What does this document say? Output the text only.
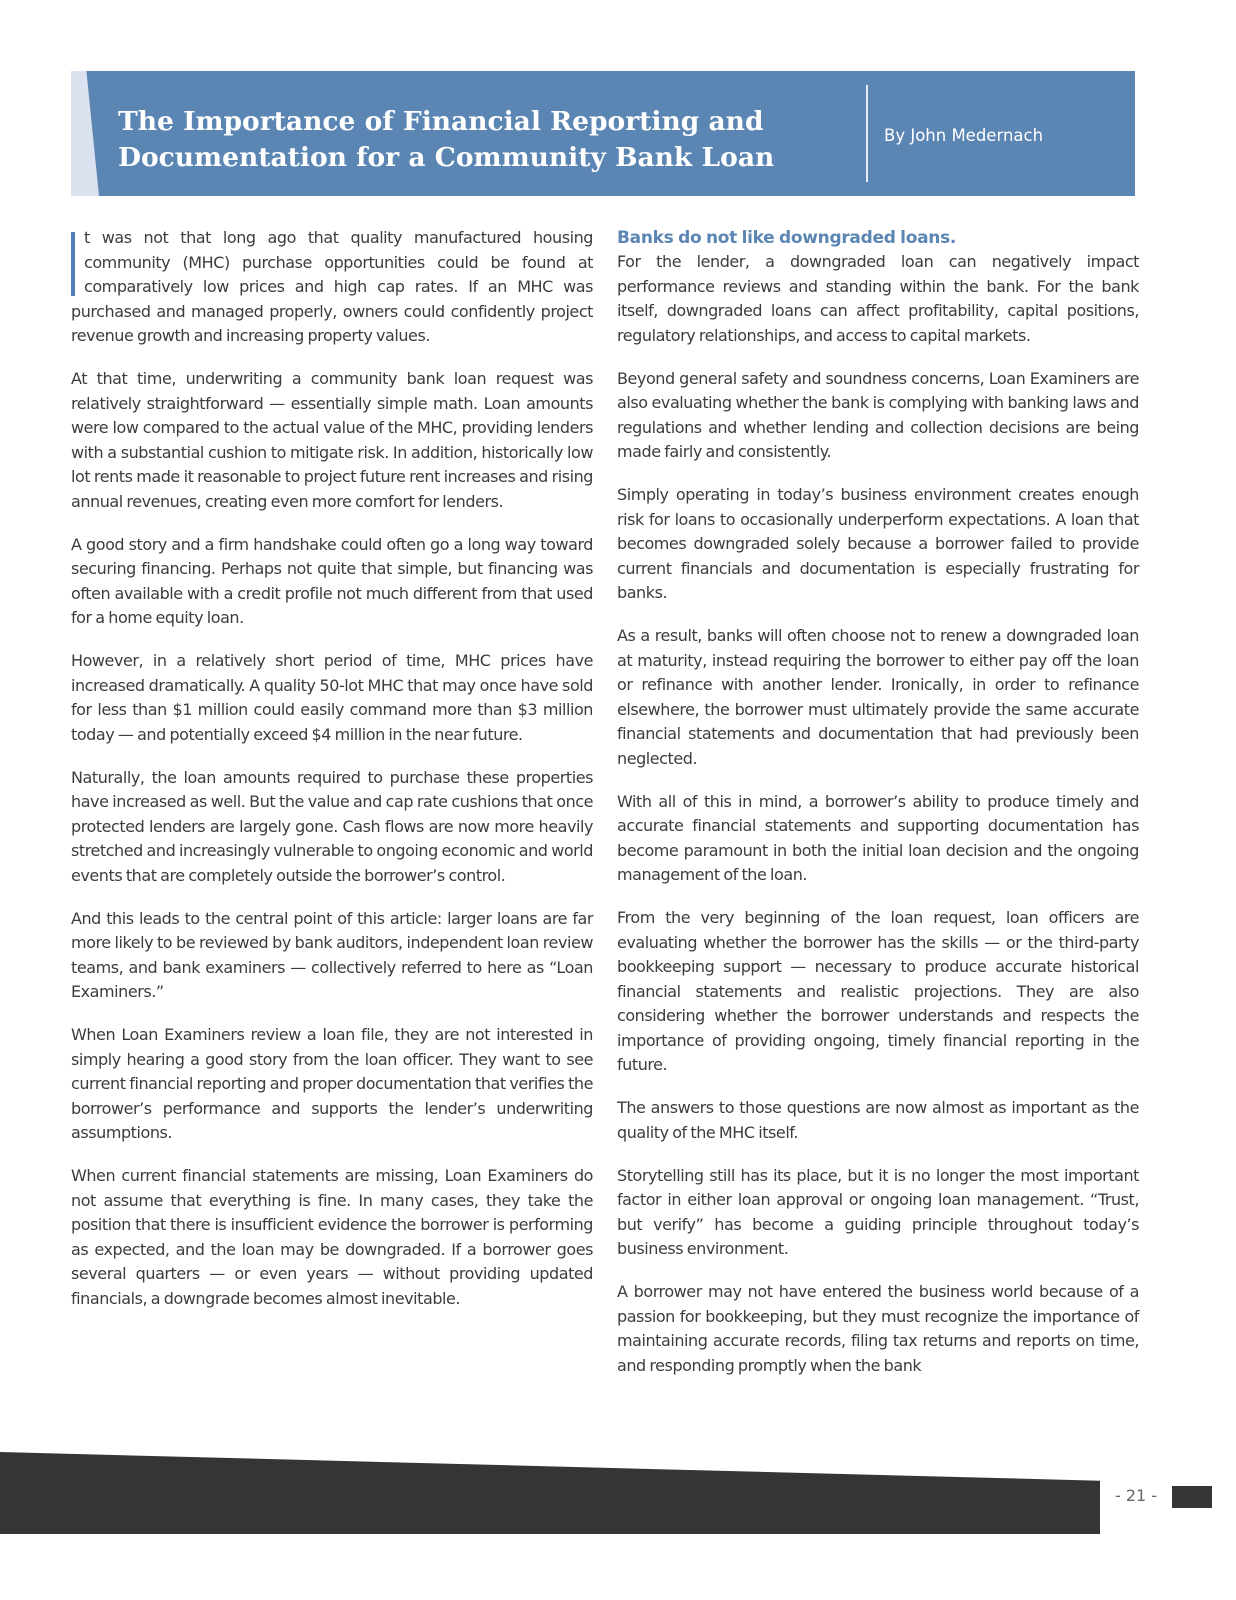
The Importance of Financial Reporting and
Documentation for a Community Bank Loan
By John Medernach

t was not that long ago that quality manufactured housing community (MHC) purchase opportunities could be found at comparatively low prices and high cap rates. If an MHC was purchased and managed properly, owners could confidently project revenue growth and increasing property values.

At that time, underwriting a community bank loan request was relatively straightforward — essentially simple math. Loan amounts were low compared to the actual value of the MHC, providing lenders with a substantial cushion to mitigate risk. In addition, historically low lot rents made it reasonable to project future rent increases and rising annual revenues, creating even more comfort for lenders.

A good story and a firm handshake could often go a long way toward securing financing. Perhaps not quite that simple, but financing was often available with a credit profile not much different from that used for a home equity loan.

However, in a relatively short period of time, MHC prices have increased dramatically. A quality 50-lot MHC that may once have sold for less than $1 million could easily command more than $3 million today — and potentially exceed $4 million in the near future.

Naturally, the loan amounts required to purchase these properties have increased as well. But the value and cap rate cushions that once protected lenders are largely gone. Cash flows are now more heavily stretched and increasingly vulnerable to ongoing economic and world events that are completely outside the borrower’s control.

And this leads to the central point of this article: larger loans are far more likely to be reviewed by bank auditors, independent loan review teams, and bank examiners — collectively referred to here as “Loan Examiners.”

When Loan Examiners review a loan file, they are not interested in simply hearing a good story from the loan officer. They want to see current financial reporting and proper documentation that verifies the borrower’s performance and supports the lender’s underwriting assumptions.

When current financial statements are missing, Loan Examiners do not assume that everything is fine. In many cases, they take the position that there is insufficient evidence the borrower is performing as expected, and the loan may be downgraded. If a borrower goes several quarters — or even years — without providing updated financials, a downgrade becomes almost inevitable.

Banks do not like downgraded loans.

For the lender, a downgraded loan can negatively impact performance reviews and standing within the bank. For the bank itself, downgraded loans can affect profitability, capital positions, regulatory relationships, and access to capital markets.

Beyond general safety and soundness concerns, Loan Examiners are also evaluating whether the bank is complying with banking laws and regulations and whether lending and collection decisions are being made fairly and consistently.

Simply operating in today’s business environment creates enough risk for loans to occasionally underperform expectations. A loan that becomes downgraded solely because a borrower failed to provide current financials and documentation is especially frustrating for banks.

As a result, banks will often choose not to renew a downgraded loan at maturity, instead requiring the borrower to either pay off the loan or refinance with another lender. Ironically, in order to refinance elsewhere, the borrower must ultimately provide the same accurate financial statements and documentation that had previously been neglected.

With all of this in mind, a borrower’s ability to produce timely and accurate financial statements and supporting documentation has become paramount in both the initial loan decision and the ongoing management of the loan.

From the very beginning of the loan request, loan officers are evaluating whether the borrower has the skills — or the third-party bookkeeping support — necessary to produce accurate historical financial statements and realistic projections. They are also considering whether the borrower understands and respects the importance of providing ongoing, timely financial reporting in the future.

The answers to those questions are now almost as important as the quality of the MHC itself.

Storytelling still has its place, but it is no longer the most important factor in either loan approval or ongoing loan management. “Trust, but verify” has become a guiding principle throughout today’s business environment.

A borrower may not have entered the business world because of a passion for bookkeeping, but they must recognize the importance of maintaining accurate records, filing tax returns and reports on time, and responding promptly when the bank

- 21 -
